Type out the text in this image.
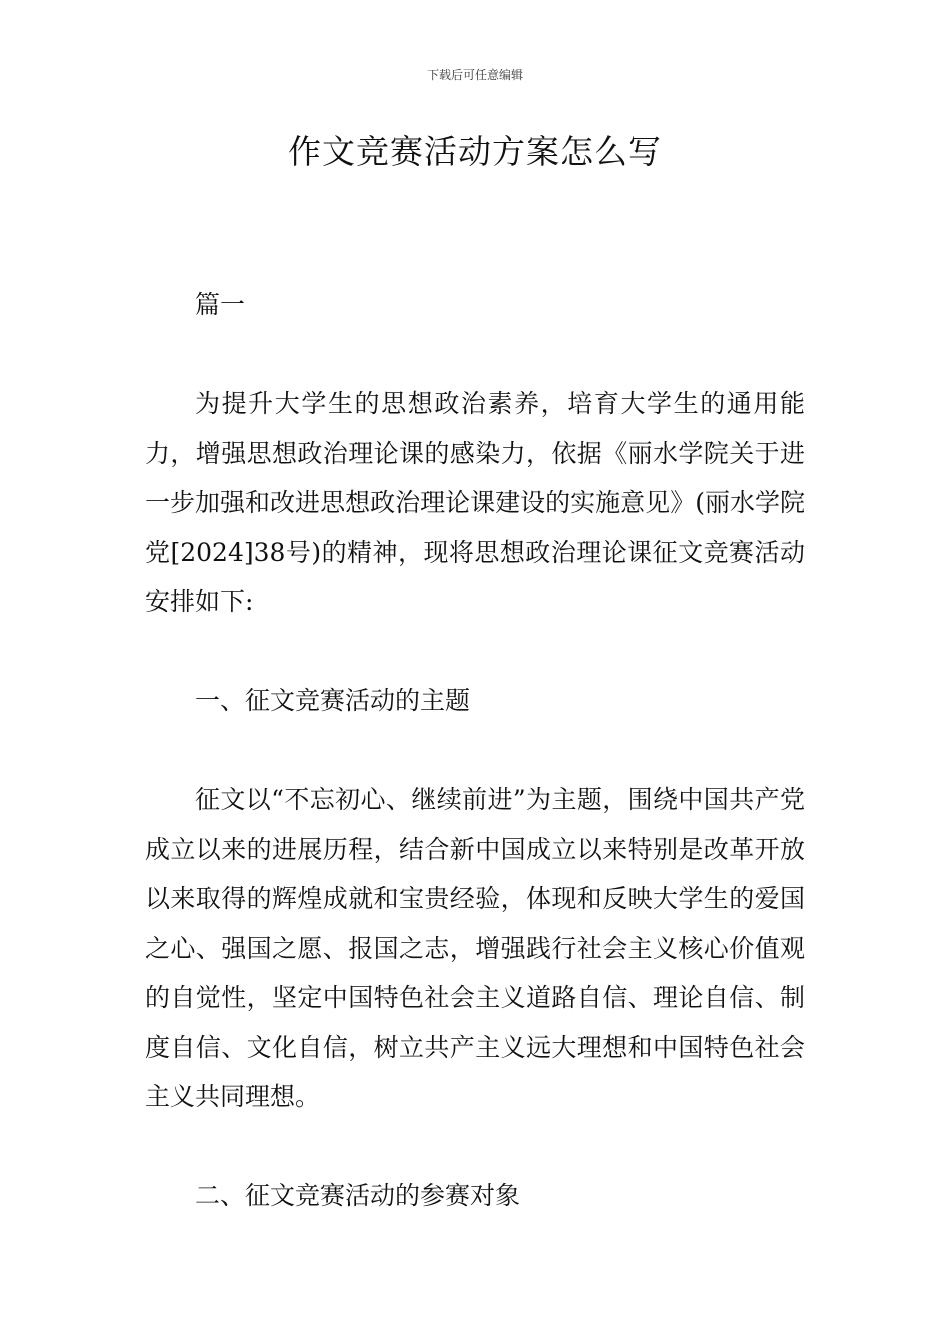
下载后可任意编辑
作文竞赛活动方案怎么写

篇一

为提升大学生的思想政治素养，培育大学生的通用能力，增强思想政治理论课的感染力，依据《丽水学院关于进一步加强和改进思想政治理论课建设的实施意见》(丽水学院党[2024]38号)的精神，现将思想政治理论课征文竞赛活动安排如下:

一、征文竞赛活动的主题

征文以“不忘初心、继续前进”为主题，围绕中国共产党成立以来的进展历程，结合新中国成立以来特别是改革开放以来取得的辉煌成就和宝贵经验，体现和反映大学生的爱国之心、强国之愿、报国之志，增强践行社会主义核心价值观的自觉性，坚定中国特色社会主义道路自信、理论自信、制度自信、文化自信，树立共产主义远大理想和中国特色社会主义共同理想。

二、征文竞赛活动的参赛对象
